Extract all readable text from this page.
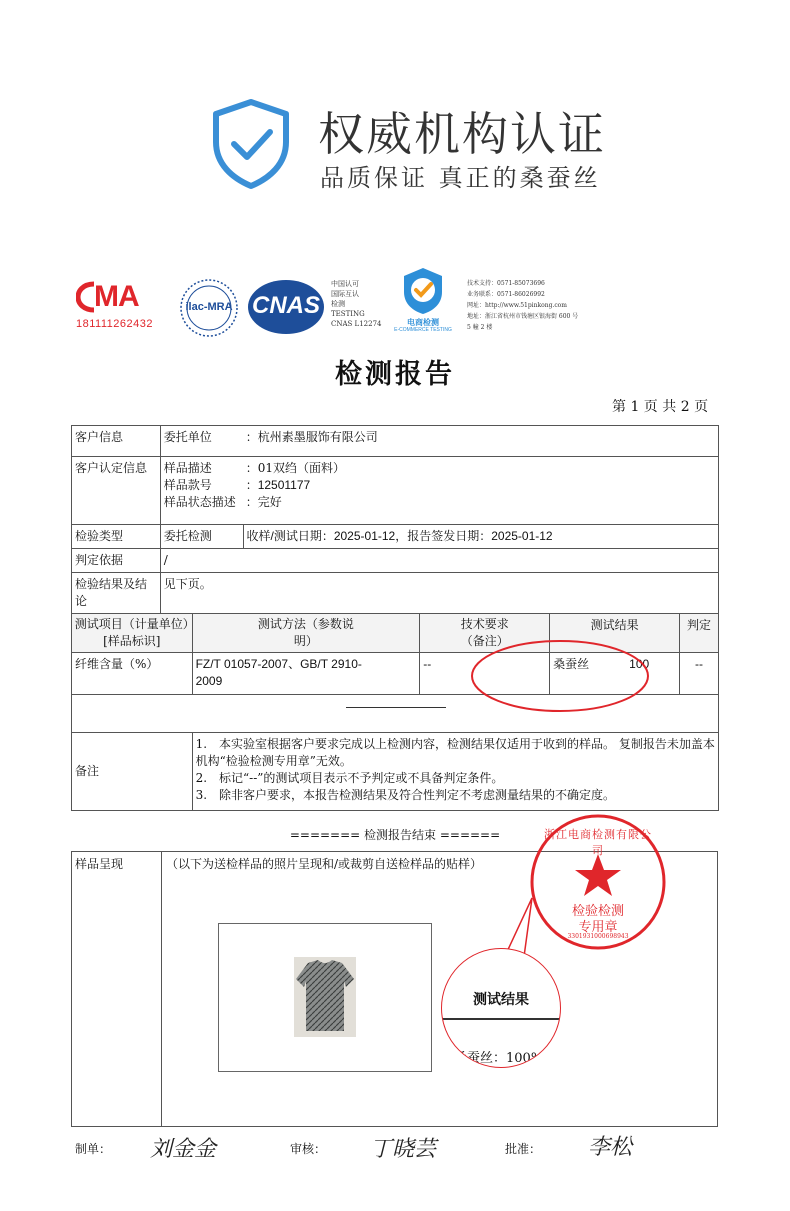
权威机构认证
品质保证 真正的桑蚕丝
MA
181111262432
ilac-MRA CNAS
中国认可
国际互认
检测
TESTING
CNAS L12274	电商检测
E-COMMERCE TESTING
技术支持：0571-85073696
业务联系：0571-86026992
网址：http://www.51pinkong.com
地址：浙江省杭州市钱塘区银海街 600 号
5 幢 2 楼
检测报告
第 1 页 共 2 页
客户信息	委托单位 ：杭州素墨服饰有限公司					
客户认定信息	样品描述 ：01双绉（面料）
样品款号 ：12501177
样品状态描述 ：完好					

检验类型	委托检测		收样/测试日期：2025-01-12，报告签发日期：2025-01-12			
判定依据	/					
检验结果及结论	见下页。					
测试项目（计量单位）[样品标识]		测试方法（参数说明）		技术要求（备注）	测试结果	判定
纤维含量（%）		FZ/T 01057-2007、GB/T 2910-2009		--	桑蚕丝 100	--

备注		1.　本实验室根据客户要求完成以上检测内容，检测结果仅适用于收到的样品。 复制报告未加盖本机构“检验检测专用章”无效。
2.　标记“--”的测试项目表示不予判定或不具备判定条件。
3.　除非客户要求，本报告检测结果及符合性判定不考虑测量结果的不确定度。				
======= 检测报告结束 ======
样品呈现	（以下为送检样品的照片呈现和/或裁剪自送检样品的贴样）
测试结果
桑蚕丝：100%
浙江电商检测有限公司
检验检测
专用章
3301931000698943
制单： 刘金金	审核： 丁晓芸	批准： 李松
